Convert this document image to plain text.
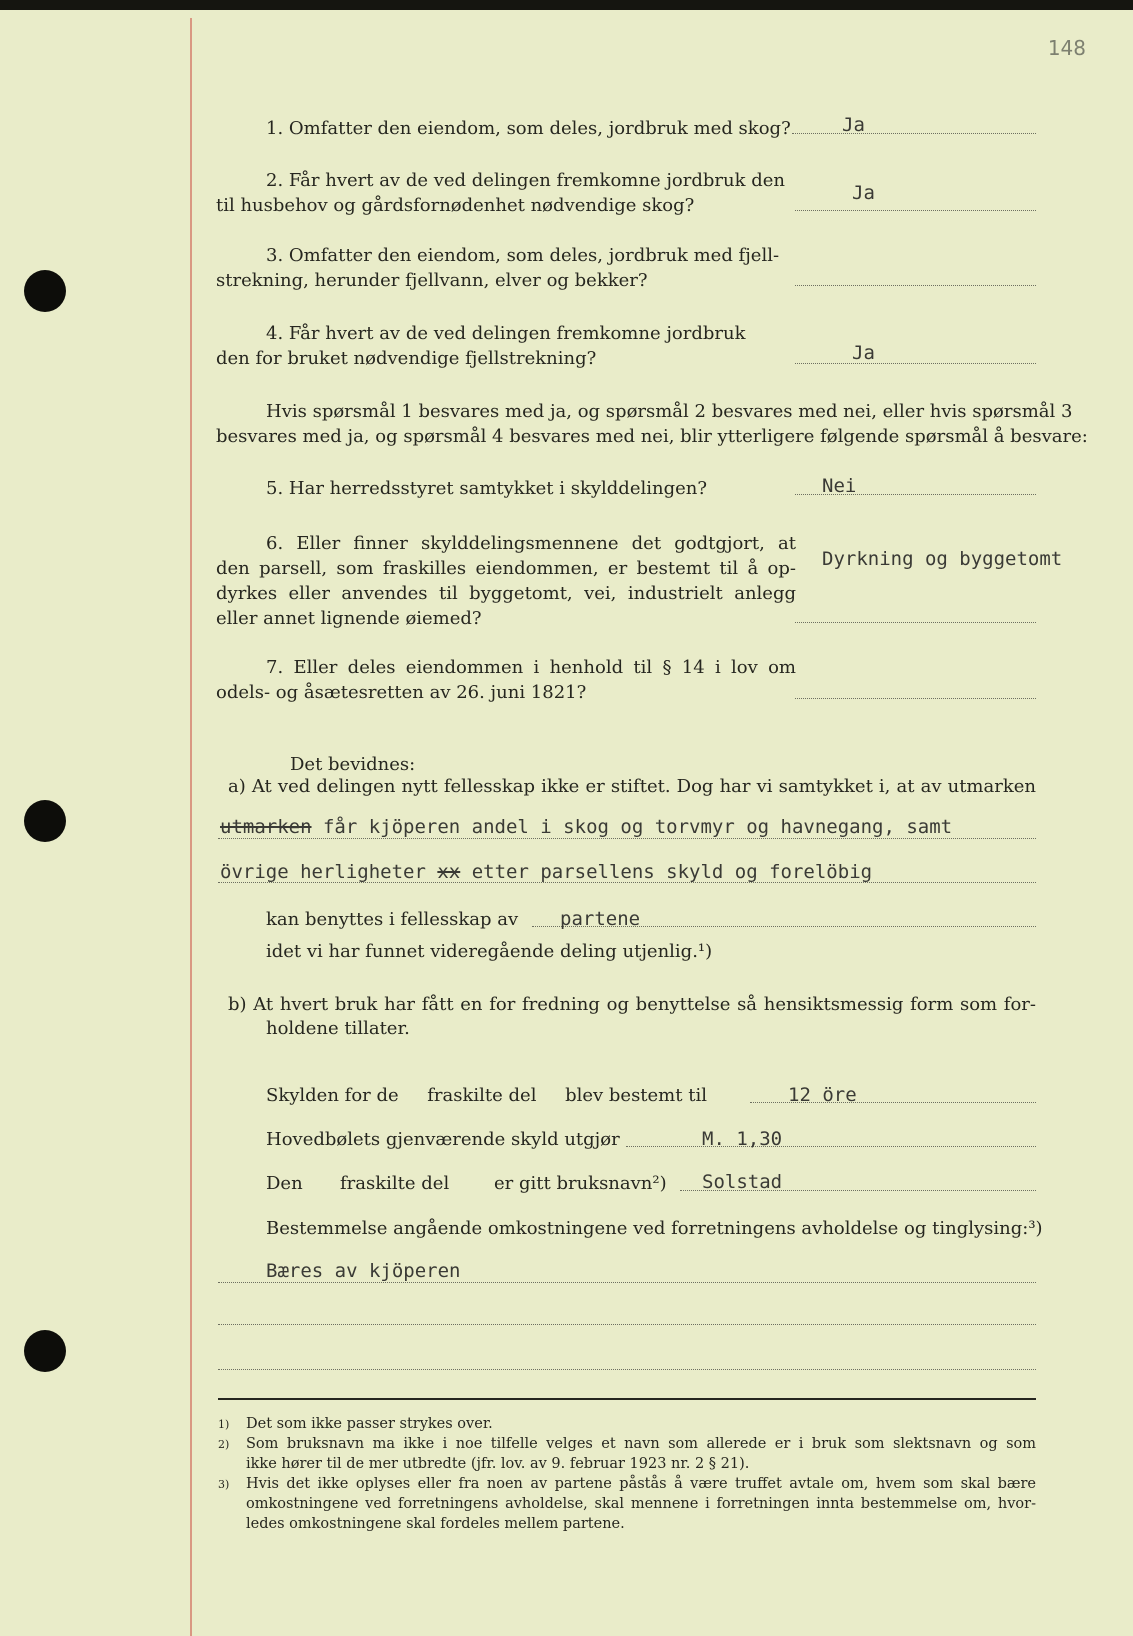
148
1. Omfatter den eiendom, som deles, jordbruk med skog?	Ja
2. Får hvert av de ved delingen fremkomne jordbruk den
til husbehov og gårdsfornødenhet nødvendige skog?
Ja
3. Omfatter den eiendom, som deles, jordbruk med fjell-
strekning, herunder fjellvann, elver og bekker?
4. Får hvert av de ved delingen fremkomne jordbruk
den for bruket nødvendige fjellstrekning?	Ja
Hvis spørsmål 1 besvares med ja, og spørsmål 2 besvares med nei, eller hvis spørsmål 3
besvares med ja, og spørsmål 4 besvares med nei, blir ytterligere følgende spørsmål å besvare:
5. Har herredsstyret samtykket i skylddelingen?	Nei
6. Eller finner skylddelingsmennene det godtgjort, at
den parsell, som fraskilles eiendommen, er bestemt til å op-
dyrkes eller anvendes til byggetomt, vei, industrielt anlegg
eller annet lignende øiemed?
Dyrkning og byggetomt
7. Eller deles eiendommen i henhold til § 14 i lov om
odels- og åsætesretten av 26. juni 1821?
Det bevidnes:
a) At ved delingen nytt fellesskap ikke er stiftet. Dog har vi samtykket i, at av utmarken
utmarken får kjöperen andel i skog og torvmyr og havnegang, samt
övrige herligheter xx etter parsellens skyld og forelöbig
kan benyttes i fellesskap av partene
idet vi har funnet videregående deling utjenlig.¹)
b) At hvert bruk har fått en for fredning og benyttelse så hensiktsmessig form som for-
holdene tillater.
Skylden for de     fraskilte del     blev bestemt til	12 öre
Hovedbølets gjenværende skyld utgjør	M. 1,30
Den fraskilte del er gitt bruksnavn²) Solstad
Bestemmelse angående omkostningene ved forretningens avholdelse og tinglysing:³)
Bæres av kjöperen
1) Det som ikke passer strykes over.
2) Som bruksnavn ma ikke i noe tilfelle velges et navn som allerede er i bruk som slektsnavn og som
ikke hører til de mer utbredte (jfr. lov. av 9. februar 1923 nr. 2 § 21).
3) Hvis det ikke oplyses eller fra noen av partene påstås å være truffet avtale om, hvem som skal bære
omkostningene ved forretningens avholdelse, skal mennene i forretningen innta bestemmelse om, hvor-
ledes omkostningene skal fordeles mellem partene.
